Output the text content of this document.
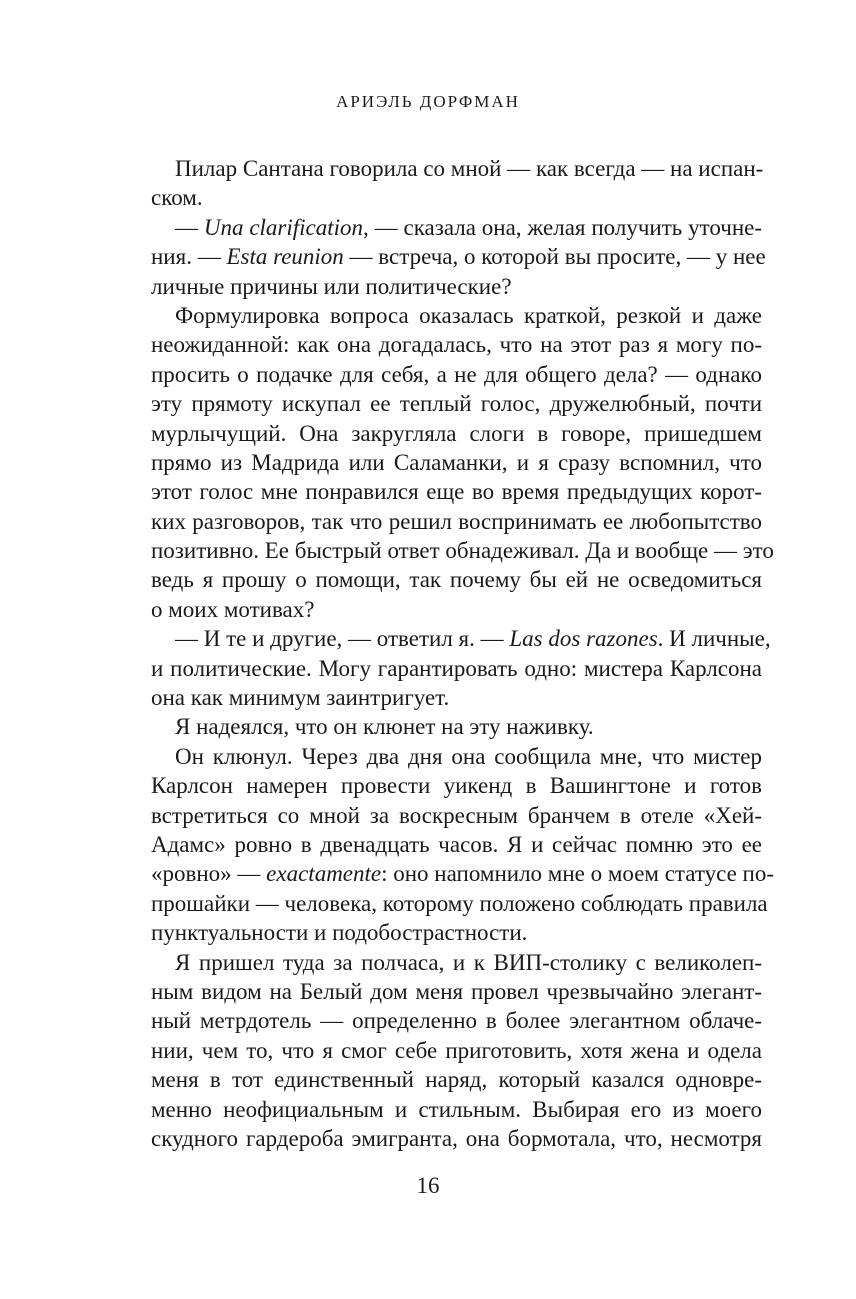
АРИЭЛЬ ДОРФМАН
Пилар Сантана говорила со мной — как всегда — на испан-
ском.
— Una clarification, — сказала она, желая получить уточне-
ния. — Esta reunion — встреча, о которой вы просите, — у нее
личные причины или политические?
Формулировка вопроса оказалась краткой, резкой и даже
неожиданной: как она догадалась, что на этот раз я могу по-
просить о подачке для себя, а не для общего дела? — однако
эту прямоту искупал ее теплый голос, дружелюбный, почти
мурлычущий. Она закругляла слоги в говоре, пришедшем
прямо из Мадрида или Саламанки, и я сразу вспомнил, что
этот голос мне понравился еще во время предыдущих корот-
ких разговоров, так что решил воспринимать ее любопытство
позитивно. Ее быстрый ответ обнадеживал. Да и вообще — это
ведь я прошу о помощи, так почему бы ей не осведомиться
о моих мотивах?
— И те и другие, — ответил я. — Las dos razones. И личные,
и политические. Могу гарантировать одно: мистера Карлсона
она как минимум заинтригует.
Я надеялся, что он клюнет на эту наживку.
Он клюнул. Через два дня она сообщила мне, что мистер
Карлсон намерен провести уикенд в Вашингтоне и готов
встретиться со мной за воскресным бранчем в отеле «Хей-
Адамс» ровно в двенадцать часов. Я и сейчас помню это ее
«ровно» — exactamente: оно напомнило мне о моем статусе по-
прошайки — человека, которому положено соблюдать правила
пунктуальности и подобострастности.
Я пришел туда за полчаса, и к ВИП-столику с великолеп-
ным видом на Белый дом меня провел чрезвычайно элегант-
ный метрдотель — определенно в более элегантном облаче-
нии, чем то, что я смог себе приготовить, хотя жена и одела
меня в тот единственный наряд, который казался одновре-
менно неофициальным и стильным. Выбирая его из моего
скудного гардероба эмигранта, она бормотала, что, несмотря
16
